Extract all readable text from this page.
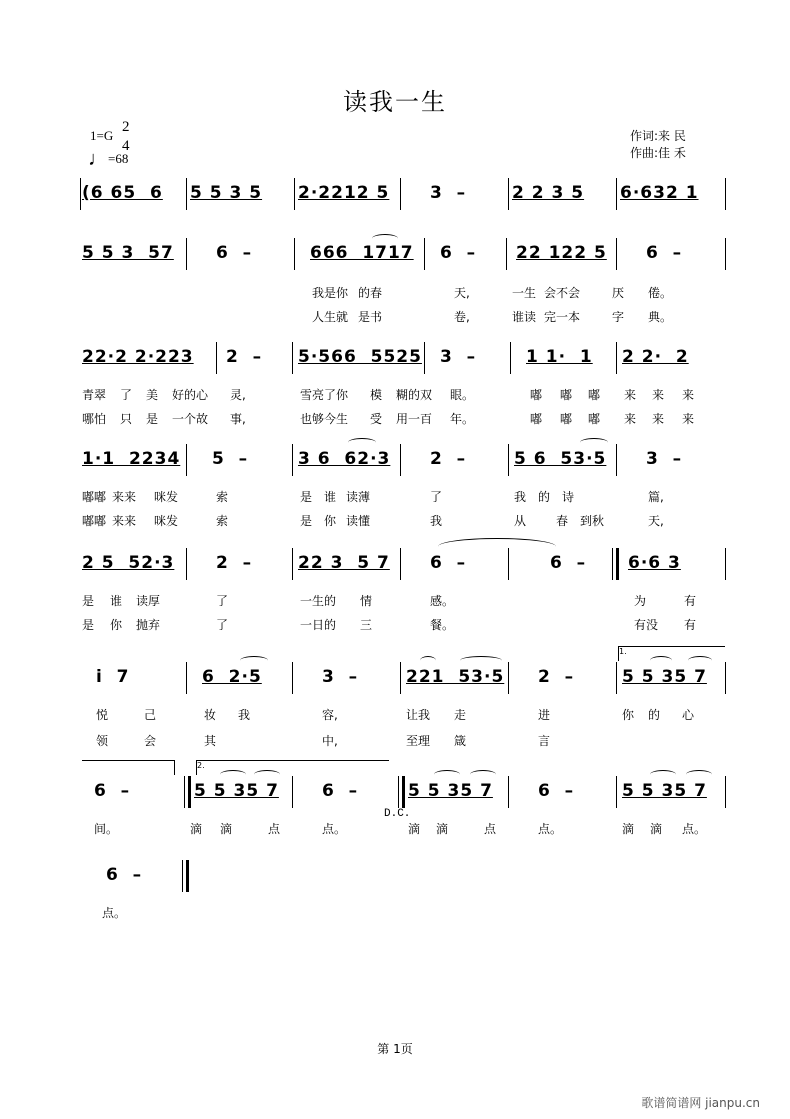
读我一生
1=G
2
4
♩=68
作词:来 民
作曲:佳 禾
(6 65  6 5 5 3 5 2·2212 5 3  –	2 2 3 5 6·632 1
5 5 3  57 6  –	666  1717 6  – 22 122 5 6  –
我是你 的春	天,	一生 会不会	厌 倦。
人生就 是书	卷,	谁读 完一本	字 典。
22·2 2·223 2  – 5·566  5525 3  –	1 1·  1 2 2·  2
青翠 了 美 好的心 灵,	雪亮了你 模 糊的双 眼。	嘟 嘟 嘟 来 来 来
哪怕 只 是 一个故 事,	也够今生 受 用一百 年。	嘟 嘟 嘟 来 来 来
1·1  2234 5  –	3 6  62·3 2  –	5 6  53·5 3  –
嘟嘟 来来 咪发	索	是 谁 读薄	了	我 的 诗	篇,
嘟嘟 来来 咪发	索	是 你 读懂	我	从 春 到秋	天,
2 5  52·3 2  –	22 3  5 7 6  –	6  – 6·6 3
是 谁 读厚	了	一生的 情	感。	为	有
是 你 抛弃	了	一日的 三	餐。	有没 有
1.
i  7	6  2·5	3  –	221  53·5 2  –	5 5 35 7
悦	己	妆 我	容,	让我 走	进	你 的 心
领	会	其	中,	至理 箴	言
2.
6  –	5 5 35 7	6  –	5 5 35 7	6  –	5 5 35 7
D.C.
间。	滴 滴	点	点。	滴 滴	点	点。	滴 滴 点。
6  –
点。
第 1页
歌谱简谱网 jianpu.cn
